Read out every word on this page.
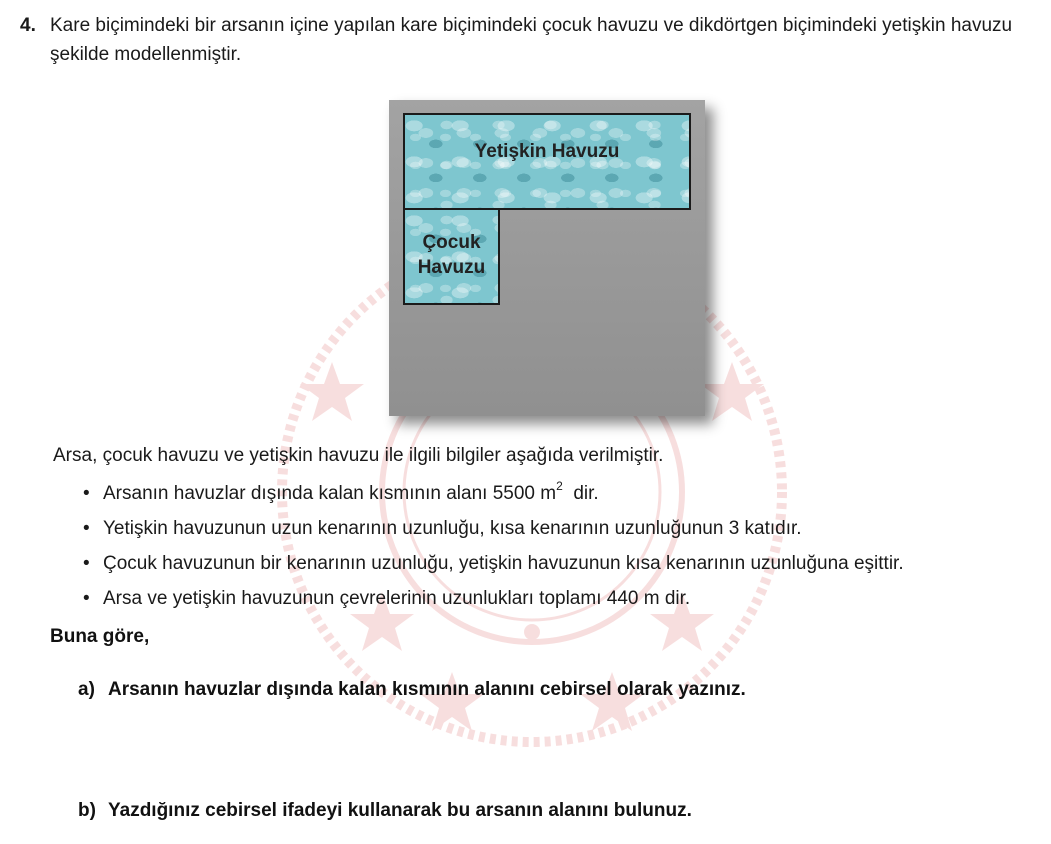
4. Kare biçimindeki bir arsanın içine yapılan kare biçimindeki çocuk havuzu ve dikdörtgen biçimindeki yetişkin havuzu şekilde modellenmiştir.
Yetişkin Havuzu
Çocuk
Havuzu
Arsa, çocuk havuzu ve yetişkin havuzu ile ilgili bilgiler aşağıda verilmiştir.
• Arsanın havuzlar dışında kalan kısmının alanı 5500 $m^2$  dir.
• Yetişkin havuzunun uzun kenarının uzunluğu, kısa kenarının uzunluğunun 3 katıdır.
• Çocuk havuzunun bir kenarının uzunluğu, yetişkin havuzunun kısa kenarının uzunluğuna eşittir.
• Arsa ve yetişkin havuzunun çevrelerinin uzunlukları toplamı 440 m dir.
Buna göre,
a) Arsanın havuzlar dışında kalan kısmının alanını cebirsel olarak yazınız.
b) Yazdığınız cebirsel ifadeyi kullanarak bu arsanın alanını bulunuz.
